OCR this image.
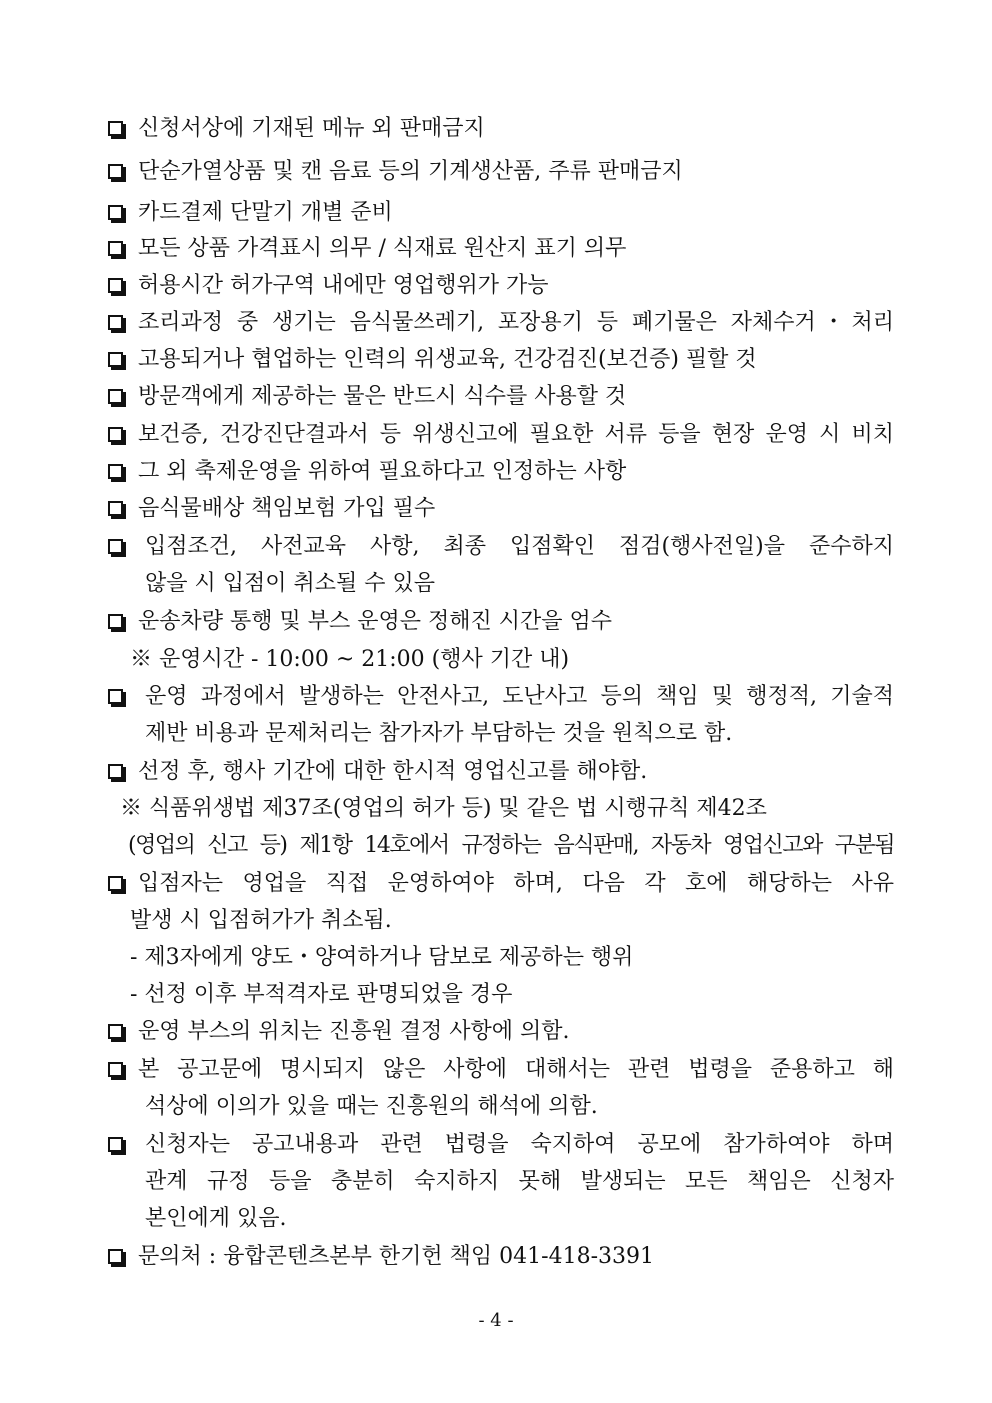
신청서상에 기재된 메뉴 외 판매금지
단순가열상품 및 캔 음료 등의 기계생산품, 주류 판매금지
카드결제 단말기 개별 준비
모든 상품 가격표시 의무 / 식재료 원산지 표기 의무
허용시간 허가구역 내에만 영업행위가 가능
조리과정 중 생기는 음식물쓰레기, 포장용기 등 폐기물은 자체수거・처리
고용되거나 협업하는 인력의 위생교육, 건강검진(보건증) 필할 것
방문객에게 제공하는 물은 반드시 식수를 사용할 것
보건증, 건강진단결과서 등 위생신고에 필요한 서류 등을 현장 운영 시 비치
그 외 축제운영을 위하여 필요하다고 인정하는 사항
음식물배상 책임보험 가입 필수
입점조건, 사전교육 사항, 최종 입점확인 점검(행사전일)을 준수하지
않을 시 입점이 취소될 수 있음
운송차량 통행 및 부스 운영은 정해진 시간을 엄수
※ 운영시간 - 10:00 ~ 21:00 (행사 기간 내)
운영 과정에서 발생하는 안전사고, 도난사고 등의 책임 및 행정적, 기술적
제반 비용과 문제처리는 참가자가 부담하는 것을 원칙으로 함.
선정 후, 행사 기간에 대한 한시적 영업신고를 해야함.
※ 식품위생법 제37조(영업의 허가 등) 및 같은 법 시행규칙 제42조
(영업의 신고 등) 제1항 14호에서 규정하는 음식판매, 자동차 영업신고와 구분됨
입점자는 영업을 직접 운영하여야 하며, 다음 각 호에 해당하는 사유
발생 시 입점허가가 취소됨.
- 제3자에게 양도・양여하거나 담보로 제공하는 행위
- 선정 이후 부적격자로 판명되었을 경우
운영 부스의 위치는 진흥원 결정 사항에 의함.
본 공고문에 명시되지 않은 사항에 대해서는 관련 법령을 준용하고 해
석상에 이의가 있을 때는 진흥원의 해석에 의함.
신청자는 공고내용과 관련 법령을 숙지하여 공모에 참가하여야 하며
관계 규정 등을 충분히 숙지하지 못해 발생되는 모든 책임은 신청자
본인에게 있음.
문의처 : 융합콘텐츠본부 한기헌 책임 041-418-3391
- 4 -
